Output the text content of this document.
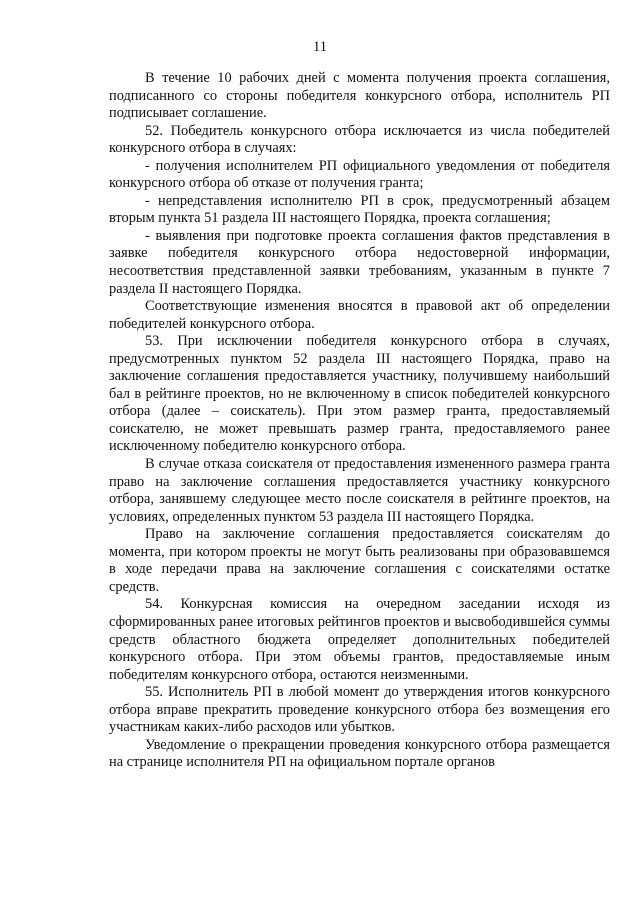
11

В течение 10 рабочих дней с момента получения проекта соглашения, подписанного со стороны победителя конкурсного отбора, исполнитель РП подписывает соглашение.

52. Победитель конкурсного отбора исключается из числа победителей конкурсного отбора в случаях:

- получения исполнителем РП официального уведомления от победителя конкурсного отбора об отказе от получения гранта;

- непредставления исполнителю РП в срок, предусмотренный абзацем вторым пункта 51 раздела III настоящего Порядка, проекта соглашения;

- выявления при подготовке проекта соглашения фактов представления в заявке победителя конкурсного отбора недостоверной информации, несоответствия представленной заявки требованиям, указанным в пункте 7 раздела II настоящего Порядка.

Соответствующие изменения вносятся в правовой акт об определении победителей конкурсного отбора.

53. При исключении победителя конкурсного отбора в случаях, предусмотренных пунктом 52 раздела III настоящего Порядка, право на заключение соглашения предоставляется участнику, получившему наибольший бал в рейтинге проектов, но не включенному в список победителей конкурсного отбора (далее – соискатель). При этом размер гранта, предоставляемый соискателю, не может превышать размер гранта, предоставляемого ранее исключенному победителю конкурсного отбора.

В случае отказа соискателя от предоставления измененного размера гранта право на заключение соглашения предоставляется участнику конкурсного отбора, занявшему следующее место после соискателя в рейтинге проектов, на условиях, определенных пунктом 53 раздела III настоящего Порядка.

Право на заключение соглашения предоставляется соискателям до момента, при котором проекты не могут быть реализованы при образовавшемся в ходе передачи права на заключение соглашения с соискателями остатке средств.

54. Конкурсная комиссия на очередном заседании исходя из сформированных ранее итоговых рейтингов проектов и высвободившейся суммы средств областного бюджета определяет дополнительных победителей конкурсного отбора. При этом объемы грантов, предоставляемые иным победителям конкурсного отбора, остаются неизменными.

55. Исполнитель РП в любой момент до утверждения итогов конкурсного отбора вправе прекратить проведение конкурсного отбора без возмещения его участникам каких-либо расходов или убытков.

Уведомление о прекращении проведения конкурсного отбора размещается на странице исполнителя РП на официальном портале органов
